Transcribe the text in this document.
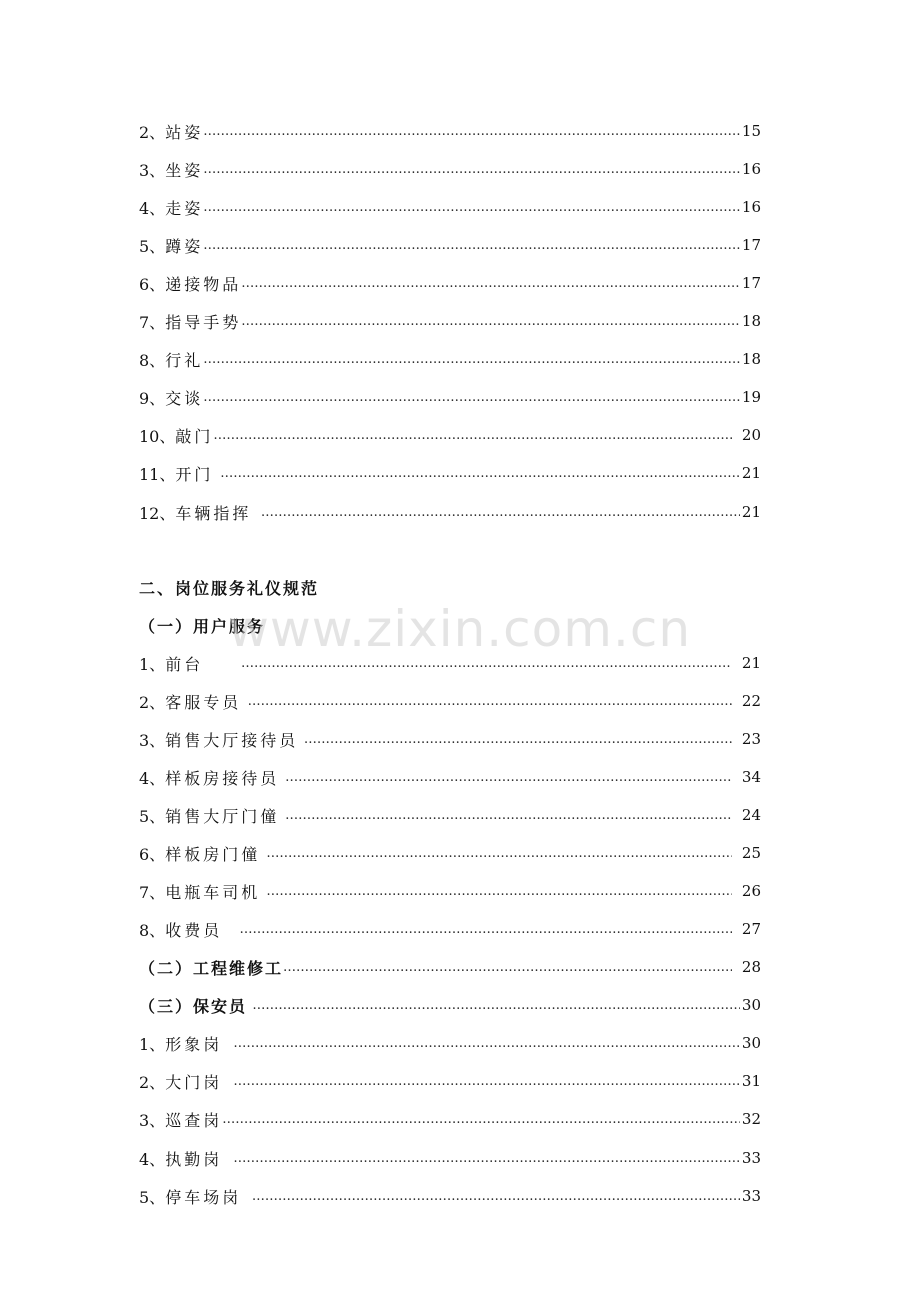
2、 站姿 …………………………………………………………………………………………………………………………………………………………………………………………	15
3、 坐姿 …………………………………………………………………………………………………………………………………………………………………………………………	16
4、 走姿 …………………………………………………………………………………………………………………………………………………………………………………………	16
5、 蹲姿 …………………………………………………………………………………………………………………………………………………………………………………………	17
6、 递接物品 …………………………………………………………………………………………………………………………………………………………………………………………	17
7、 指导手势 …………………………………………………………………………………………………………………………………………………………………………………………	18
8、 行礼 …………………………………………………………………………………………………………………………………………………………………………………………	18
9、 交谈 …………………………………………………………………………………………………………………………………………………………………………………………	19
10、 敲门 …………………………………………………………………………………………………………………………………………………………………………………………	20
11、 开门 …………………………………………………………………………………………………………………………………………………………………………………………	21
12、 车辆指挥 …………………………………………………………………………………………………………………………………………………………………………………………	21
二、岗位服务礼仪规范
（一）用户服务
1、 前台 …………………………………………………………………………………………………………………………………………………………………………………………	21
2、 客服专员 …………………………………………………………………………………………………………………………………………………………………………………………	22
3、 销售大厅接待员 …………………………………………………………………………………………………………………………………………………………………………………………	23
4、 样板房接待员 …………………………………………………………………………………………………………………………………………………………………………………………	34
5、 销售大厅门僮 …………………………………………………………………………………………………………………………………………………………………………………………	24
6、 样板房门僮 …………………………………………………………………………………………………………………………………………………………………………………………	25
7、 电瓶车司机 …………………………………………………………………………………………………………………………………………………………………………………………	26
8、 收费员 …………………………………………………………………………………………………………………………………………………………………………………………	27
（二）工程维修工 …………………………………………………………………………………………………………………………………………………………………………………………	28
（三）保安员 …………………………………………………………………………………………………………………………………………………………………………………………	30
1、 形象岗 …………………………………………………………………………………………………………………………………………………………………………………………	30
2、 大门岗 …………………………………………………………………………………………………………………………………………………………………………………………	31
3、 巡查岗 …………………………………………………………………………………………………………………………………………………………………………………………	32
4、 执勤岗 …………………………………………………………………………………………………………………………………………………………………………………………	33
5、 停车场岗 …………………………………………………………………………………………………………………………………………………………………………………………	33
www.zixin.com.cn
